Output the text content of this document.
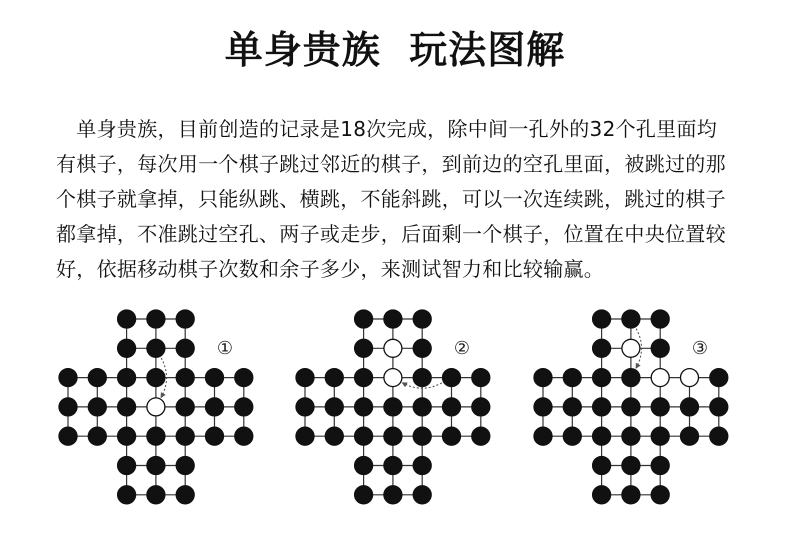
单身贵族  玩法图解
　单身贵族，目前创造的记录是18次完成，除中间一孔外的32个孔里面均
有棋子，每次用一个棋子跳过邻近的棋子，到前边的空孔里面，被跳过的那
个棋子就拿掉，只能纵跳、横跳，不能斜跳，可以一次连续跳，跳过的棋子
都拿掉，不准跳过空孔、两子或走步，后面剩一个棋子，位置在中央位置较
好，依据移动棋子次数和余子多少，来测试智力和比较输赢。
①	②	③
